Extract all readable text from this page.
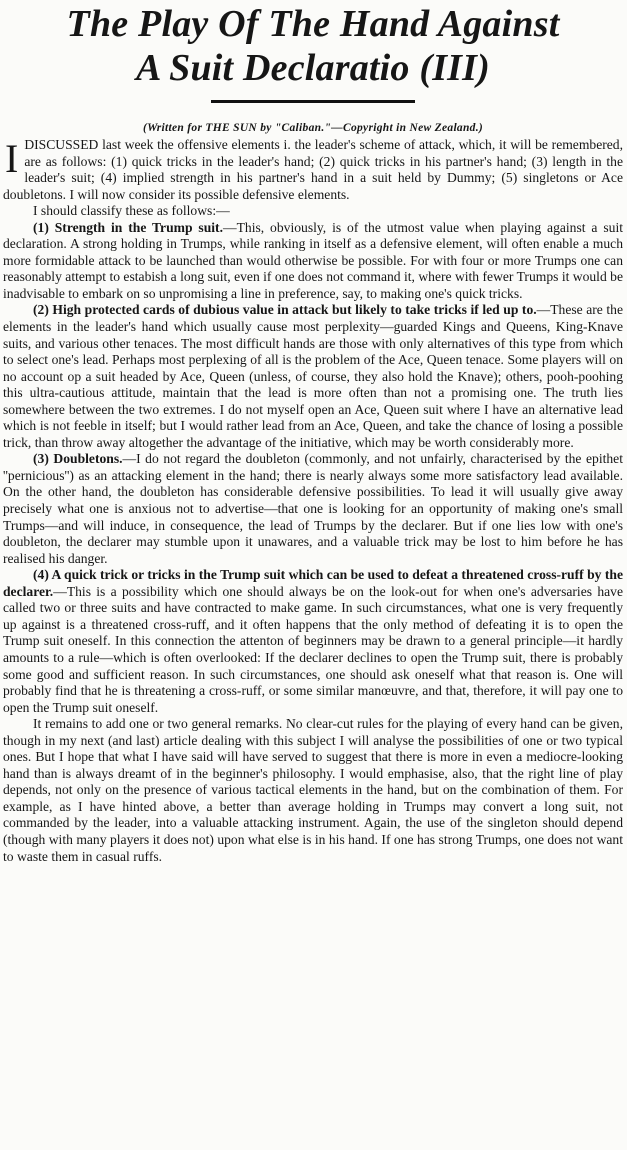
The Play Of The Hand Against
A Suit Declaratio (III)
(Written for THE SUN by "Caliban."—Copyright in New Zealand.)

I DISCUSSED last week the offensive elements i. the leader's scheme of attack, which, it will be remembered, are as follows: (1) quick tricks in the leader's hand; (2) quick tricks in his partner's hand; (3) length in the leader's suit; (4) implied strength in his partner's hand in a suit held by Dummy; (5) singletons or Ace doubletons. I will now consider its possible defensive elements.

I should classify these as follows:—

(1) Strength in the Trump suit.—This, obviously, is of the utmost value when playing against a suit declaration. A strong holding in Trumps, while ranking in itself as a defensive element, will often enable a much more formidable attack to be launched than would otherwise be possible. For with four or more Trumps one can reasonably attempt to estabish a long suit, even if one does not command it, where with fewer Trumps it would be inadvisable to embark on so unpromising a line in preference, say, to making one's quick tricks.

(2) High protected cards of dubious value in attack but likely to take tricks if led up to.—These are the elements in the leader's hand which usually cause most perplexity—guarded Kings and Queens, King-Knave suits, and various other tenaces. The most difficult hands are those with only alternatives of this type from which to select one's lead. Perhaps most perplexing of all is the problem of the Ace, Queen tenace. Some players will on no account op a suit headed by Ace, Queen (unless, of course, they also hold the Knave); others, pooh-poohing this ultra-cautious attitude, maintain that the lead is more often than not a promising one. The truth lies somewhere between the two extremes. I do not myself open an Ace, Queen suit where I have an alternative lead which is not feeble in itself; but I would rather lead from an Ace, Queen, and take the chance of losing a possible trick, than throw away altogether the advantage of the initiative, which may be worth considerably more.

(3) Doubletons.—I do not regard the doubleton (commonly, and not unfairly, characterised by the epithet ''pernicious'') as an attacking element in the hand; there is nearly always some more satisfactory lead available. On the other hand, the doubleton has considerable defensive possibilities. To lead it will usually give away precisely what one is anxious not to advertise—that one is looking for an opportunity of making one's small Trumps—and will induce, in consequence, the lead of Trumps by the declarer. But if one lies low with one's doubleton, the declarer may stumble upon it unawares, and a valuable trick may be lost to him before he has realised his danger.

(4) A quick trick or tricks in the Trump suit which can be used to defeat a threatened cross-ruff by the declarer.—This is a possibility which one should always be on the look-out for when one's adversaries have called two or three suits and have contracted to make game. In such circumstances, what one is very frequently up against is a threatened cross-ruff, and it often happens that the only method of defeating it is to open the Trump suit oneself. In this connection the attenton of beginners may be drawn to a general principle—it hardly amounts to a rule—which is often overlooked: If the declarer declines to open the Trump suit, there is probably some good and sufficient reason. In such circumstances, one should ask oneself what that reason is. One will probably find that he is threatening a cross-ruff, or some similar manœuvre, and that, therefore, it will pay one to open the Trump suit oneself.

It remains to add one or two general remarks. No clear-cut rules for the playing of every hand can be given, though in my next (and last) article dealing with this subject I will analyse the possibilities of one or two typical ones. But I hope that what I have said will have served to suggest that there is more in even a mediocre-looking hand than is always dreamt of in the beginner's philosophy. I would emphasise, also, that the right line of play depends, not only on the presence of various tactical elements in the hand, but on the combination of them. For example, as I have hinted above, a better than average holding in Trumps may convert a long suit, not commanded by the leader, into a valuable attacking instrument. Again, the use of the singleton should depend (though with many players it does not) upon what else is in his hand. If one has strong Trumps, one does not want to waste them in casual ruffs.
